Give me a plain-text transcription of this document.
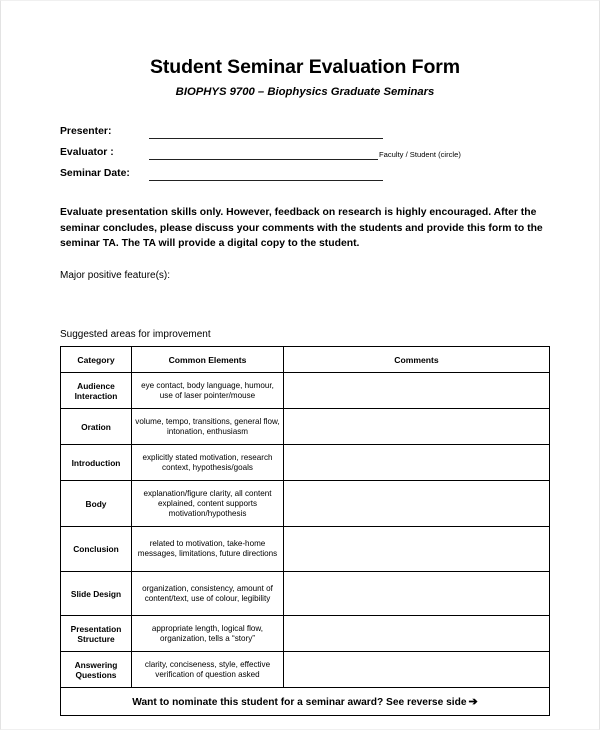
Student Seminar Evaluation Form
BIOPHYS 9700 – Biophysics Graduate Seminars
Presenter:
Evaluator :	Faculty / Student (circle)
Seminar Date:
Evaluate presentation skills only. However, feedback on research is highly encouraged. After the seminar concludes, please discuss your comments with the students and provide this form to the seminar TA. The TA will provide a digital copy to the student.
Major positive feature(s):
Suggested areas for improvement
Category	Common Elements	Comments
Audience Interaction	eye contact, body language, humour, use of laser pointer/mouse	
Oration	volume, tempo, transitions, general flow, intonation, enthusiasm	
Introduction	explicitly stated motivation, research context, hypothesis/goals	
Body	explanation/figure clarity, all content explained, content supports motivation/hypothesis	
Conclusion	related to motivation, take-home messages, limitations, future directions	
Slide Design	organization, consistency, amount of content/text, use of colour, legibility	
Presentation Structure	appropriate length, logical flow, organization, tells a “story”	
Answering Questions	clarity, conciseness, style, effective verification of question asked	
Want to nominate this student for a seminar award? See reverse side ➔		
